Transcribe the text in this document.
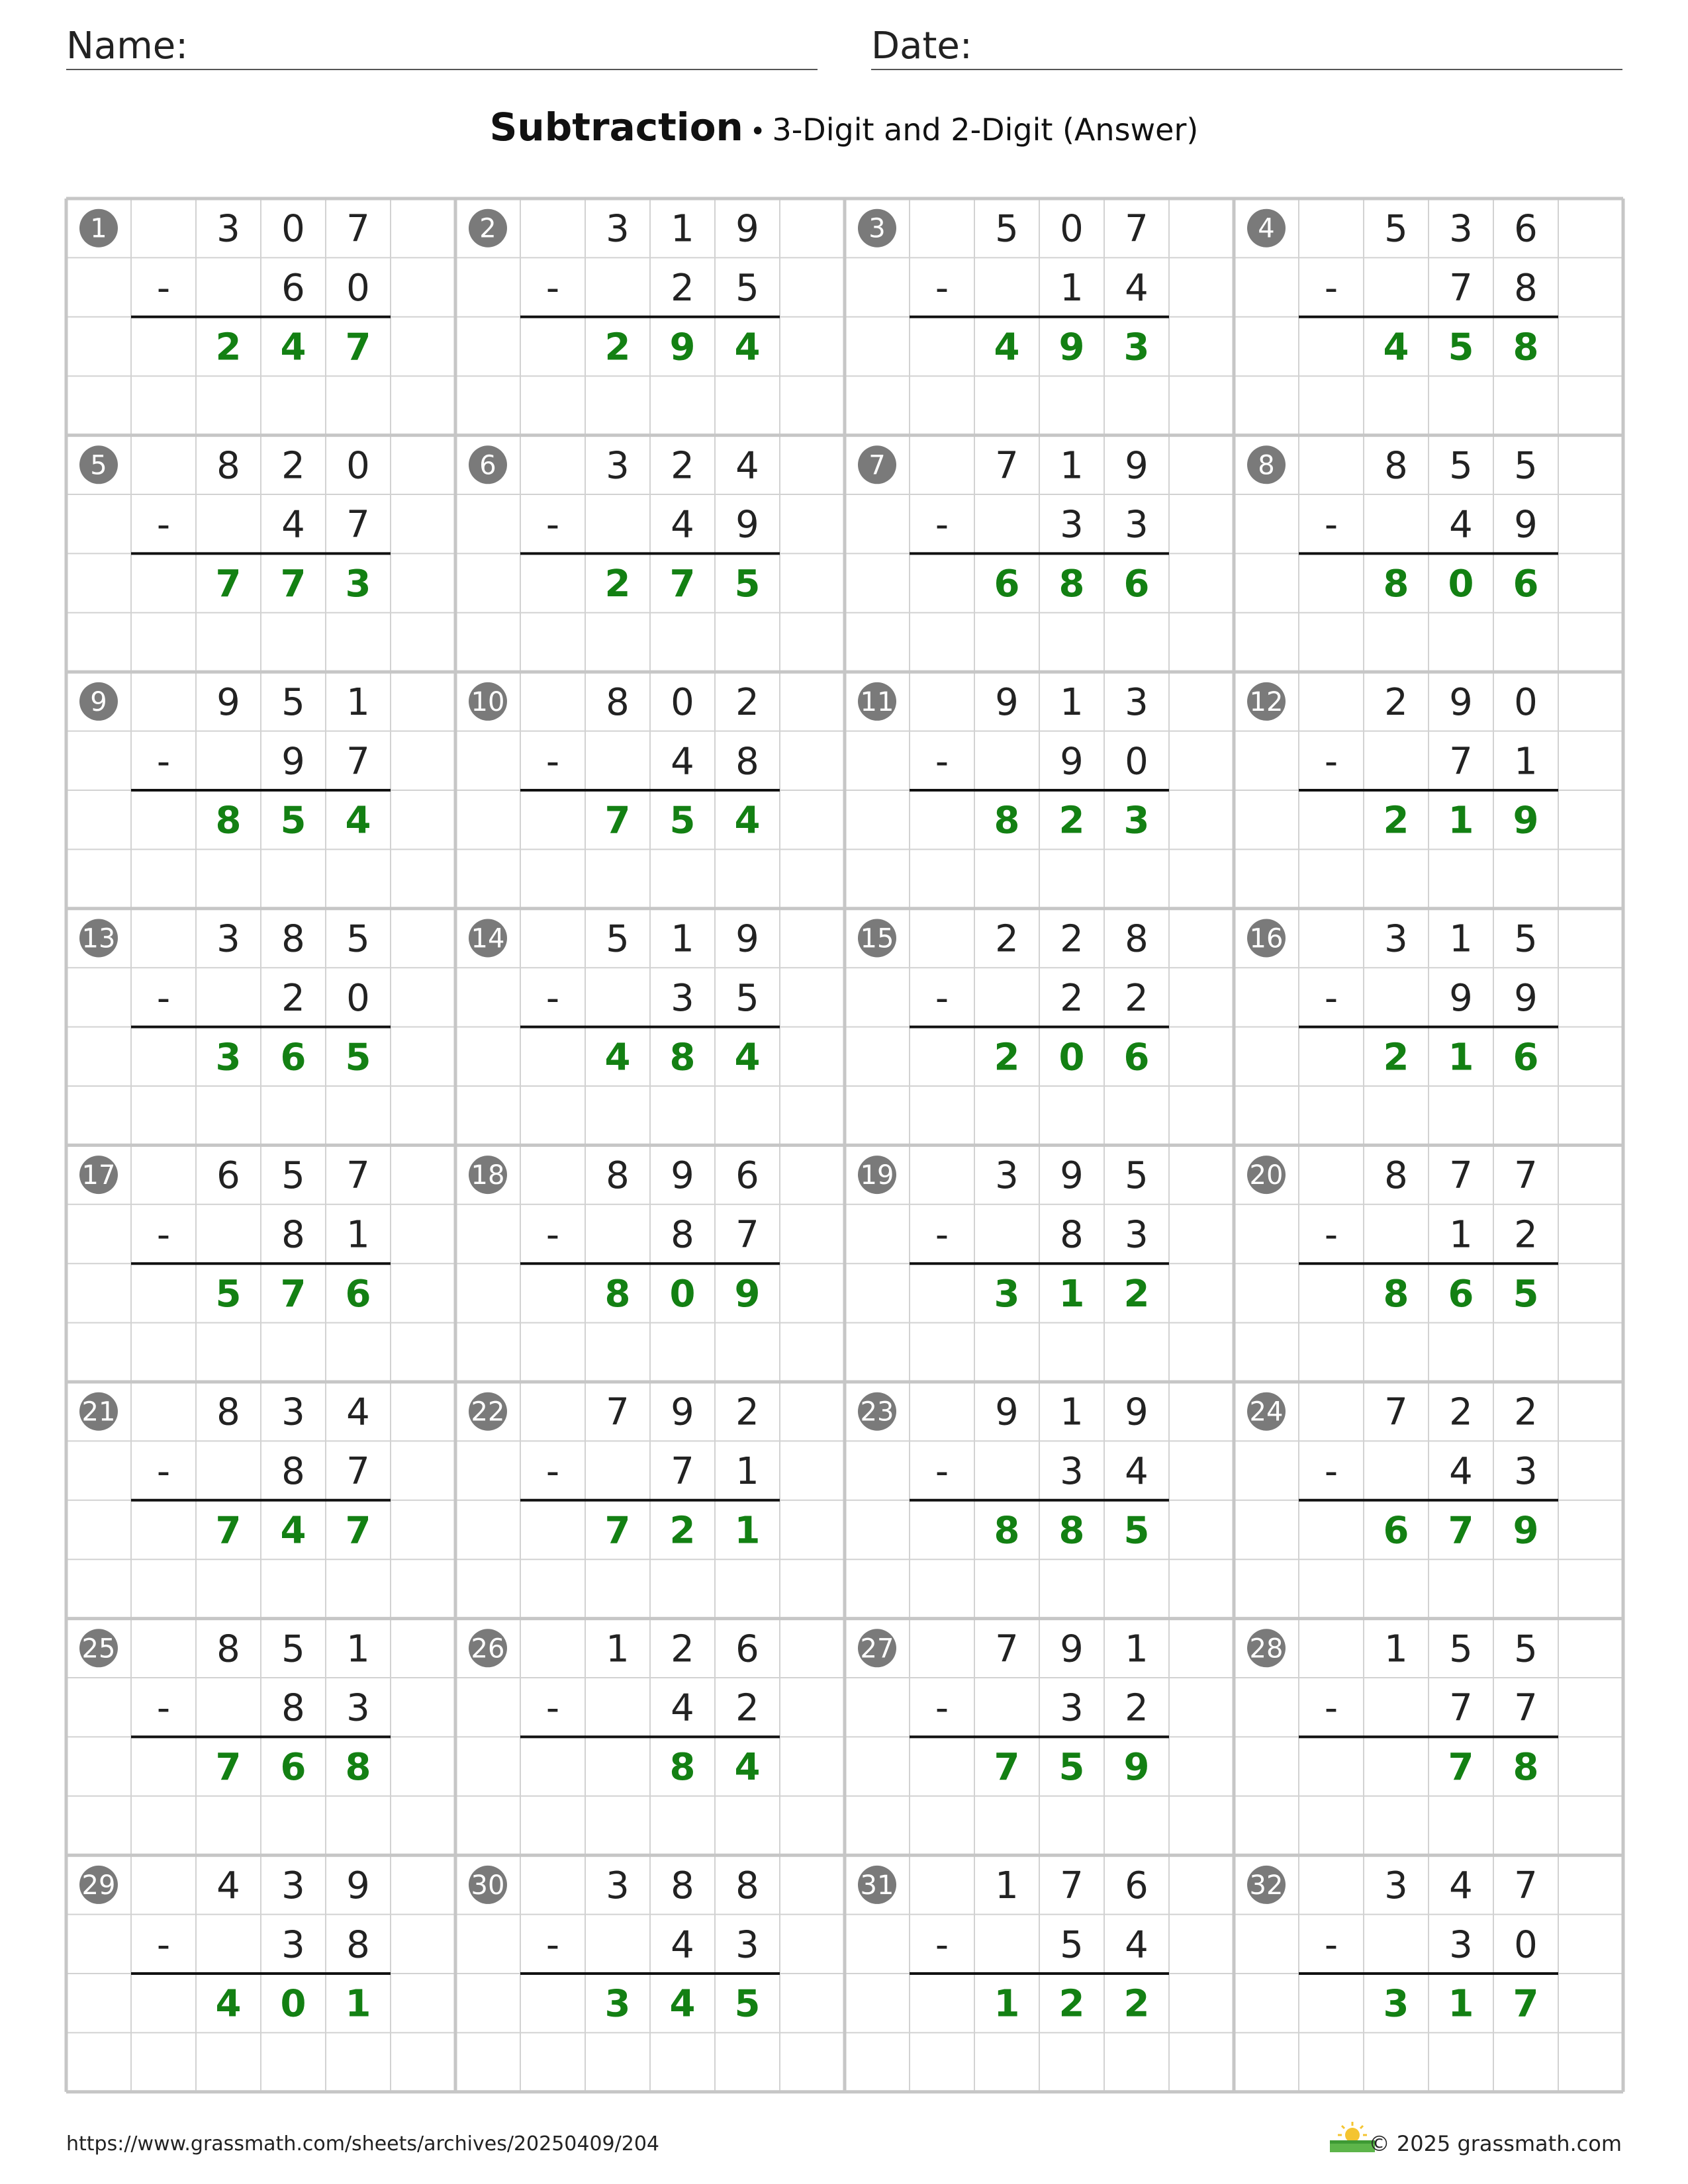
Name:	Date:
Subtraction • 3-Digit and 2-Digit (Answer)
1	3 0 7
-	6 0
2 4 7
2	3 1 9
-	2 5
2 9 4
3	5 0 7
-	1 4
4 9 3
4	5 3 6
-	7 8
4 5 8
5	8 2 0
-	4 7
7 7 3
6	3 2 4
-	4 9
2 7 5
7	7 1 9
-	3 3
6 8 6
8	8 5 5
-	4 9
8 0 6
9	9 5 1
-	9 7
8 5 4
10	8 0 2
-	4 8
7 5 4
11	9 1 3
-	9 0
8 2 3
12	2 9 0
-	7 1
2 1 9
13	3 8 5
-	2 0
3 6 5
14	5 1 9
-	3 5
4 8 4
15	2 2 8
-	2 2
2 0 6
16	3 1 5
-	9 9
2 1 6
17	6 5 7
-	8 1
5 7 6
18	8 9 6
-	8 7
8 0 9
19	3 9 5
-	8 3
3 1 2
20	8 7 7
-	1 2
8 6 5
21	8 3 4
-	8 7
7 4 7
22	7 9 2
-	7 1
7 2 1
23	9 1 9
-	3 4
8 8 5
24	7 2 2
-	4 3
6 7 9
25	8 5 1
-	8 3
7 6 8
26	1 2 6
-	4 2
8 4
27	7 9 1
-	3 2
7 5 9
28	1 5 5
-	7 7
7 8
29	4 3 9
-	3 8
4 0 1
30	3 8 8
-	4 3
3 4 5
31	1 7 6
-	5 4
1 2 2
32	3 4 7
-	3 0
3 1 7
https://www.grassmath.com/sheets/archives/20250409/204	© 2025 grassmath.com
